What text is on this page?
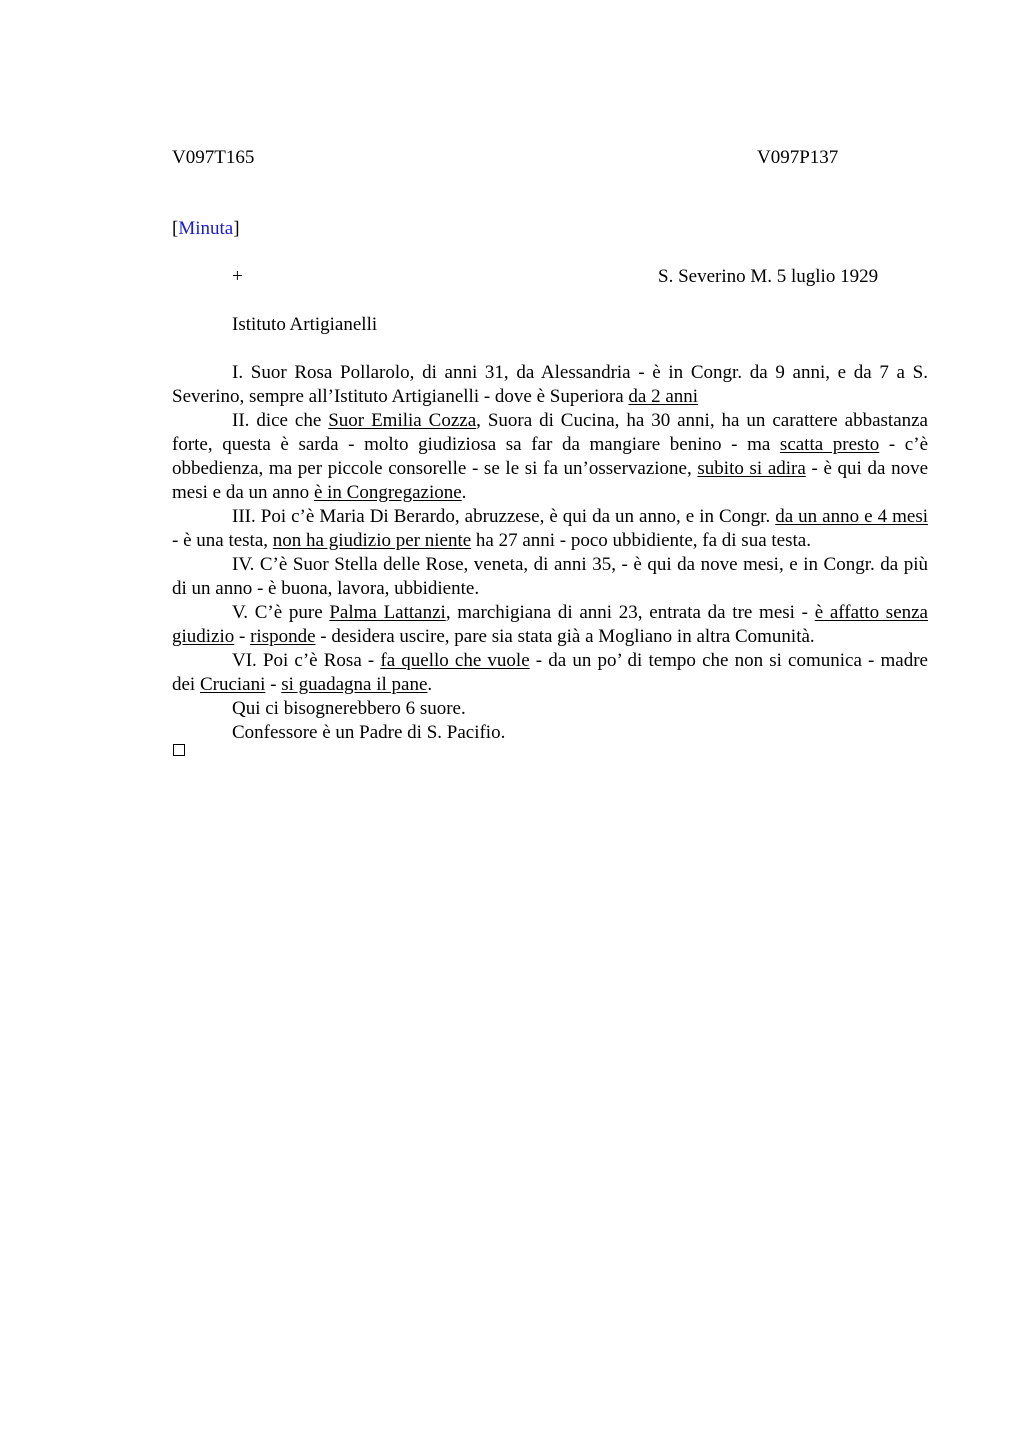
V097T165	V097P137
[Minuta]
+	S. Severino M. 5 luglio 1929
Istituto Artigianelli

I. Suor Rosa Pollarolo, di anni 31, da Alessandria - è in Congr. da 9 anni, e da 7 a S. Severino, sempre all’Istituto Artigianelli - dove è Superiora da 2 anni

II. dice che Suor Emilia Cozza, Suora di Cucina, ha 30 anni, ha un carattere abbastanza forte, questa è sarda - molto giudiziosa sa far da mangiare benino - ma scatta presto - c’è obbedienza, ma per piccole consorelle - se le si fa un’osservazione, subito si adira - è qui da nove mesi e da un anno è in Congregazione.

III. Poi c’è Maria Di Berardo, abruzzese, è qui da un anno, e in Congr. da un anno e 4 mesi - è una testa, non ha giudizio per niente ha 27 anni - poco ubbidiente, fa di sua testa.

IV. C’è Suor Stella delle Rose, veneta, di anni 35, - è qui da nove mesi, e in Congr. da più di un anno - è buona, lavora, ubbidiente.

V. C’è pure Palma Lattanzi, marchigiana di anni 23, entrata da tre mesi - è affatto senza giudizio - risponde - desidera uscire, pare sia stata già a Mogliano in altra Comunità.

VI. Poi c’è Rosa - fa quello che vuole - da un po’ di tempo che non si comunica - madre dei Cruciani - si guadagna il pane.

Qui ci bisognerebbero 6 suore.

Confessore è un Padre di S. Pacifio.
